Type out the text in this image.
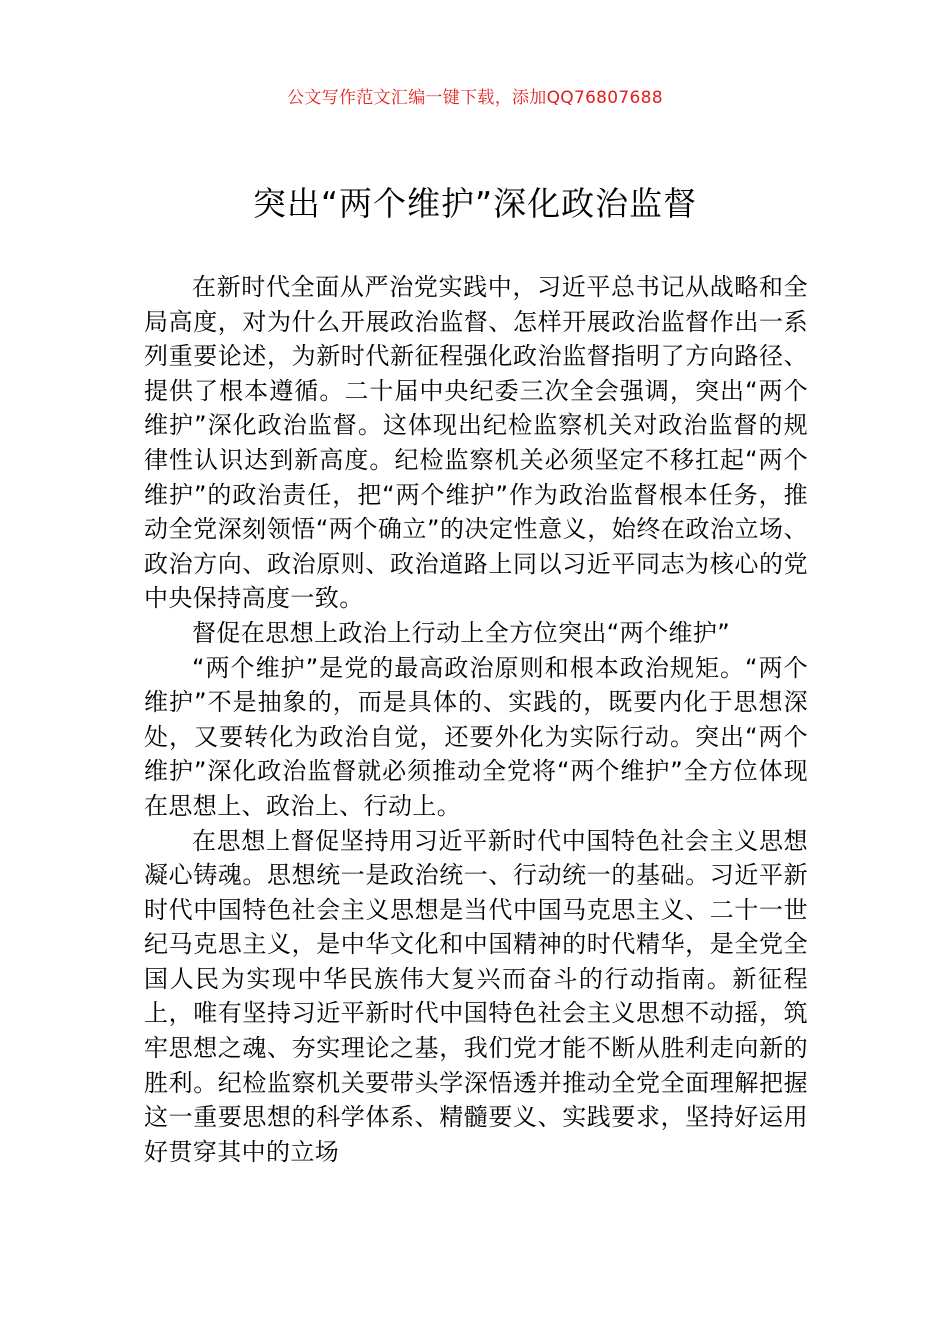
公文写作范文汇编一键下载，添加QQ76807688
突出“两个维护”深化政治监督

在新时代全面从严治党实践中，习近平总书记从战略和全局高度，对为什么开展政治监督、怎样开展政治监督作出一系列重要论述，为新时代新征程强化政治监督指明了方向路径、提供了根本遵循。二十届中央纪委三次全会强调，突出“两个维护”深化政治监督。这体现出纪检监察机关对政治监督的规律性认识达到新高度。纪检监察机关必须坚定不移扛起“两个维护”的政治责任，把“两个维护”作为政治监督根本任务，推动全党深刻领悟“两个确立”的决定性意义，始终在政治立场、政治方向、政治原则、政治道路上同以习近平同志为核心的党中央保持高度一致。

督促在思想上政治上行动上全方位突出“两个维护”

“两个维护”是党的最高政治原则和根本政治规矩。“两个维护”不是抽象的，而是具体的、实践的，既要内化于思想深处，又要转化为政治自觉，还要外化为实际行动。突出“两个维护”深化政治监督就必须推动全党将“两个维护”全方位体现在思想上、政治上、行动上。

在思想上督促坚持用习近平新时代中国特色社会主义思想凝心铸魂。思想统一是政治统一、行动统一的基础。习近平新时代中国特色社会主义思想是当代中国马克思主义、二十一世纪马克思主义，是中华文化和中国精神的时代精华，是全党全国人民为实现中华民族伟大复兴而奋斗的行动指南。新征程上，唯有坚持习近平新时代中国特色社会主义思想不动摇，筑牢思想之魂、夯实理论之基，我们党才能不断从胜利走向新的胜利。纪检监察机关要带头学深悟透并推动全党全面理解把握这一重要思想的科学体系、精髓要义、实践要求，坚持好运用好贯穿其中的立场
